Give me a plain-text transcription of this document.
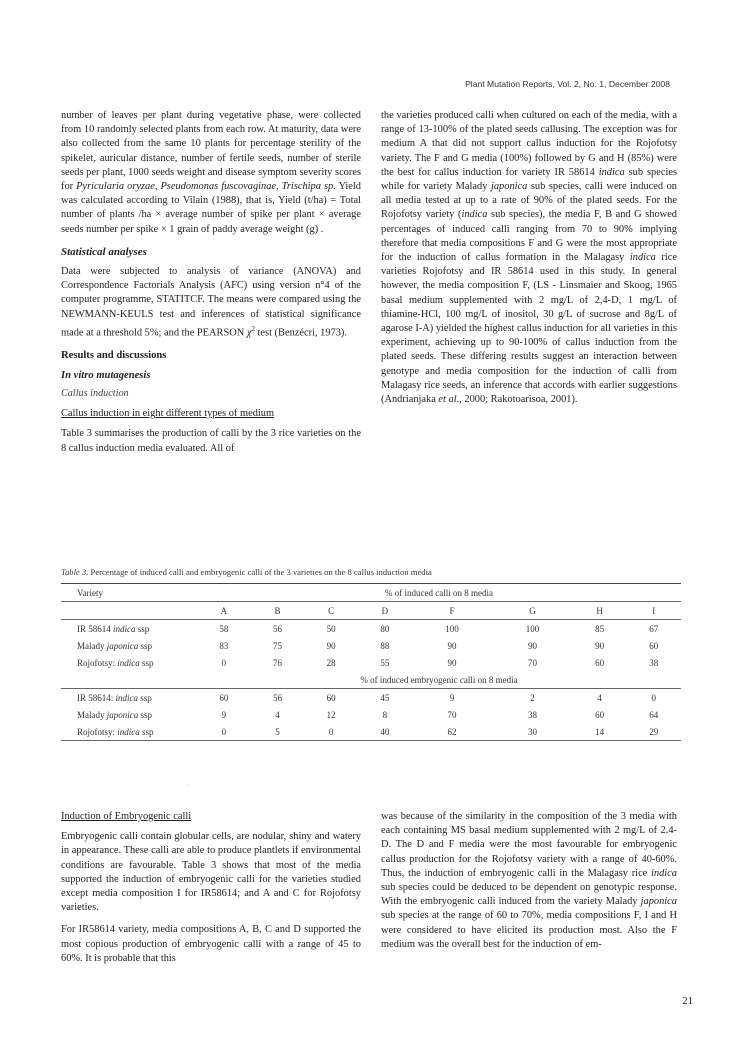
Plant Mutation Reports, Vol. 2, No. 1, December 2008

number of leaves per plant during vegetative phase, were collected from 10 randomly selected plants from each row. At maturity, data were also collected from the same 10 plants for percentage sterility of the spikelet, auricular distance, number of fertile seeds, number of sterile seeds per plant, 1000 seeds weight and disease symptom severity scores for Pyricularia oryzae, Pseudomonas fuscovaginae, Trischipa sp. Yield was calculated according to Vilain (1988), that is, Yield (t/ha) = Total number of plants /ha × average number of spike per plant × average seeds number per spike × 1 grain of paddy average weight (g) .

Statistical analyses

Data were subjected to analysis of variance (ANOVA) and Correspondence Factorials Analysis (AFC) using version n°4 of the computer programme, STATITCF. The means were compared using the NEWMANN-KEULS test and inferences of statistical significance made at a threshold 5%; and the PEARSON $\chi^2$ test (Benzécri, 1973).

Results and discussions
In vitro mutagenesis
Callus induction
Callus induction in eight different types of medium

Table 3 summarises the production of calli by the 3 rice varieties on the 8 callus induction media evaluated. All of

the varieties produced calli when cultured on each of the media, with a range of 13-100% of the plated seeds callusing. The exception was for medium A that did not support callus induction for the Rojofotsy variety. The F and G media (100%) followed by G and H (85%) were the best for callus induction for variety IR 58614 indica sub species while for variety Malady japonica sub species, calli were induced on all media tested at up to a rate of 90% of the plated seeds. For the Rojofotsy variety (indica sub species), the media F, B and G showed percentages of induced calli ranging from 70 to 90% implying therefore that media compositions F and G were the most appropriate for the induction of callus formation in the Malagasy indica rice varieties Rojofotsy and IR 58614 used in this study. In general however, the media composition F, (LS - Linsmaier and Skoog, 1965 basal medium supplemented with 2 mg/L of 2,4-D, 1 mg/L of thiamine-HCl, 100 mg/L of inositol, 30 g/L of sucrose and 8g/L of agarose I-A) yielded the highest callus induction for all varieties in this experiment, achieving up to 90-100% of callus induction from the plated seeds. These differing results suggest an interaction between genotype and media composition for the induction of calli from Malagasy rice seeds, an inference that accords with earlier suggestions (Andrianjaka et al., 2000; Rakotoarisoa, 2001).

Table 3. Percentage of induced calli and embryogenic calli of the 3 varieties on the 8 callus induction media
Variety	% of induced calli on 8 media							
	A	B	C	D	F	G	H	I
IR 58614 indica ssp	58	56	50	80	100	100	85	67
Malady japonica ssp	83	75	90	88	90	90	90	60
Rojofotsy: indica ssp	0	76	28	55	90	70	60	38
	% of induced embryogenic calli on 8 media							
IR 58614: indica ssp	60	56	60	45	9	2	4	0
Malady japonica ssp	9	4	12	8	70	38	60	64
Rojofotsy: indica ssp	0	5	0	40	62	30	14	29
·
Induction of Embryogenic calli

Embryogenic calli contain globular cells, are nodular, shiny and watery in appearance. These calli are able to produce plantlets if environmental conditions are favourable. Table 3 shows that most of the media supported the induction of embryogenic calli for the varieties studied except media composition I for IR58614; and A and C for Rojofotsy varieties.

For IR58614 variety, media compositions A, B, C and D supported the most copious production of embryogenic calli with a range of 45 to 60%. It is probable that this

was because of the similarity in the composition of the 3 media with each containing MS basal medium supplemented with 2 mg/L of 2.4-D. The D and F media were the most favourable for embryogenic callus production for the Rojofotsy variety with a range of 40-60%. Thus, the induction of embryogenic calli in the Malagasy rice indica sub species could be deduced to be dependent on genotypic response. With the embryogenic calli induced from the variety Malady japonica sub species at the range of 60 to 70%, media compositions F, I and H were considered to have elicited its production most. Also the F medium was the overall best for the induction of em-

21
